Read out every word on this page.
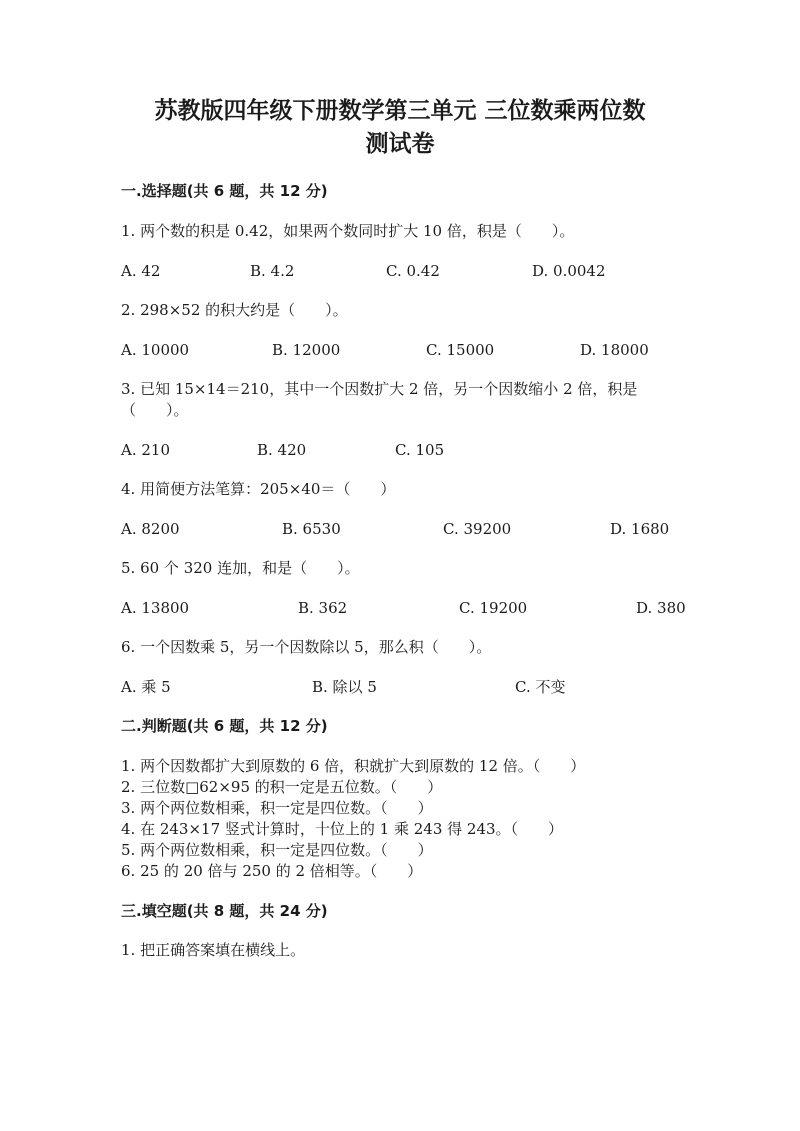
苏教版四年级下册数学第三单元 三位数乘两位数
测试卷
一.选择题(共 6 题，共 12 分)
1. 两个数的积是 0.42，如果两个数同时扩大 10 倍，积是（　　）。
A. 42	B. 4.2	C. 0.42	D. 0.0042
2. 298×52 的积大约是（　　）。
A. 10000	B. 12000	C. 15000	D. 18000
3. 已知 15×14＝210，其中一个因数扩大 2 倍，另一个因数缩小 2 倍，积是
（　　）。
A. 210	B. 420	C. 105
4. 用简便方法笔算：205×40＝（　　）
A. 8200	B. 6530	C. 39200	D. 1680
5. 60 个 320 连加，和是（　　）。
A. 13800	B. 362	C. 19200	D. 380
6. 一个因数乘 5，另一个因数除以 5，那么积（　　）。
A. 乘 5	B. 除以 5	C. 不变
二.判断题(共 6 题，共 12 分)
1. 两个因数都扩大到原数的 6 倍，积就扩大到原数的 12 倍。（　　）
2. 三位数□62×95 的积一定是五位数。（　　）
3. 两个两位数相乘，积一定是四位数。（　　）
4. 在 243×17 竖式计算时，十位上的 1 乘 243 得 243。（　　）
5. 两个两位数相乘，积一定是四位数。（　　）
6. 25 的 20 倍与 250 的 2 倍相等。（　　）
三.填空题(共 8 题，共 24 分)
1. 把正确答案填在横线上。
